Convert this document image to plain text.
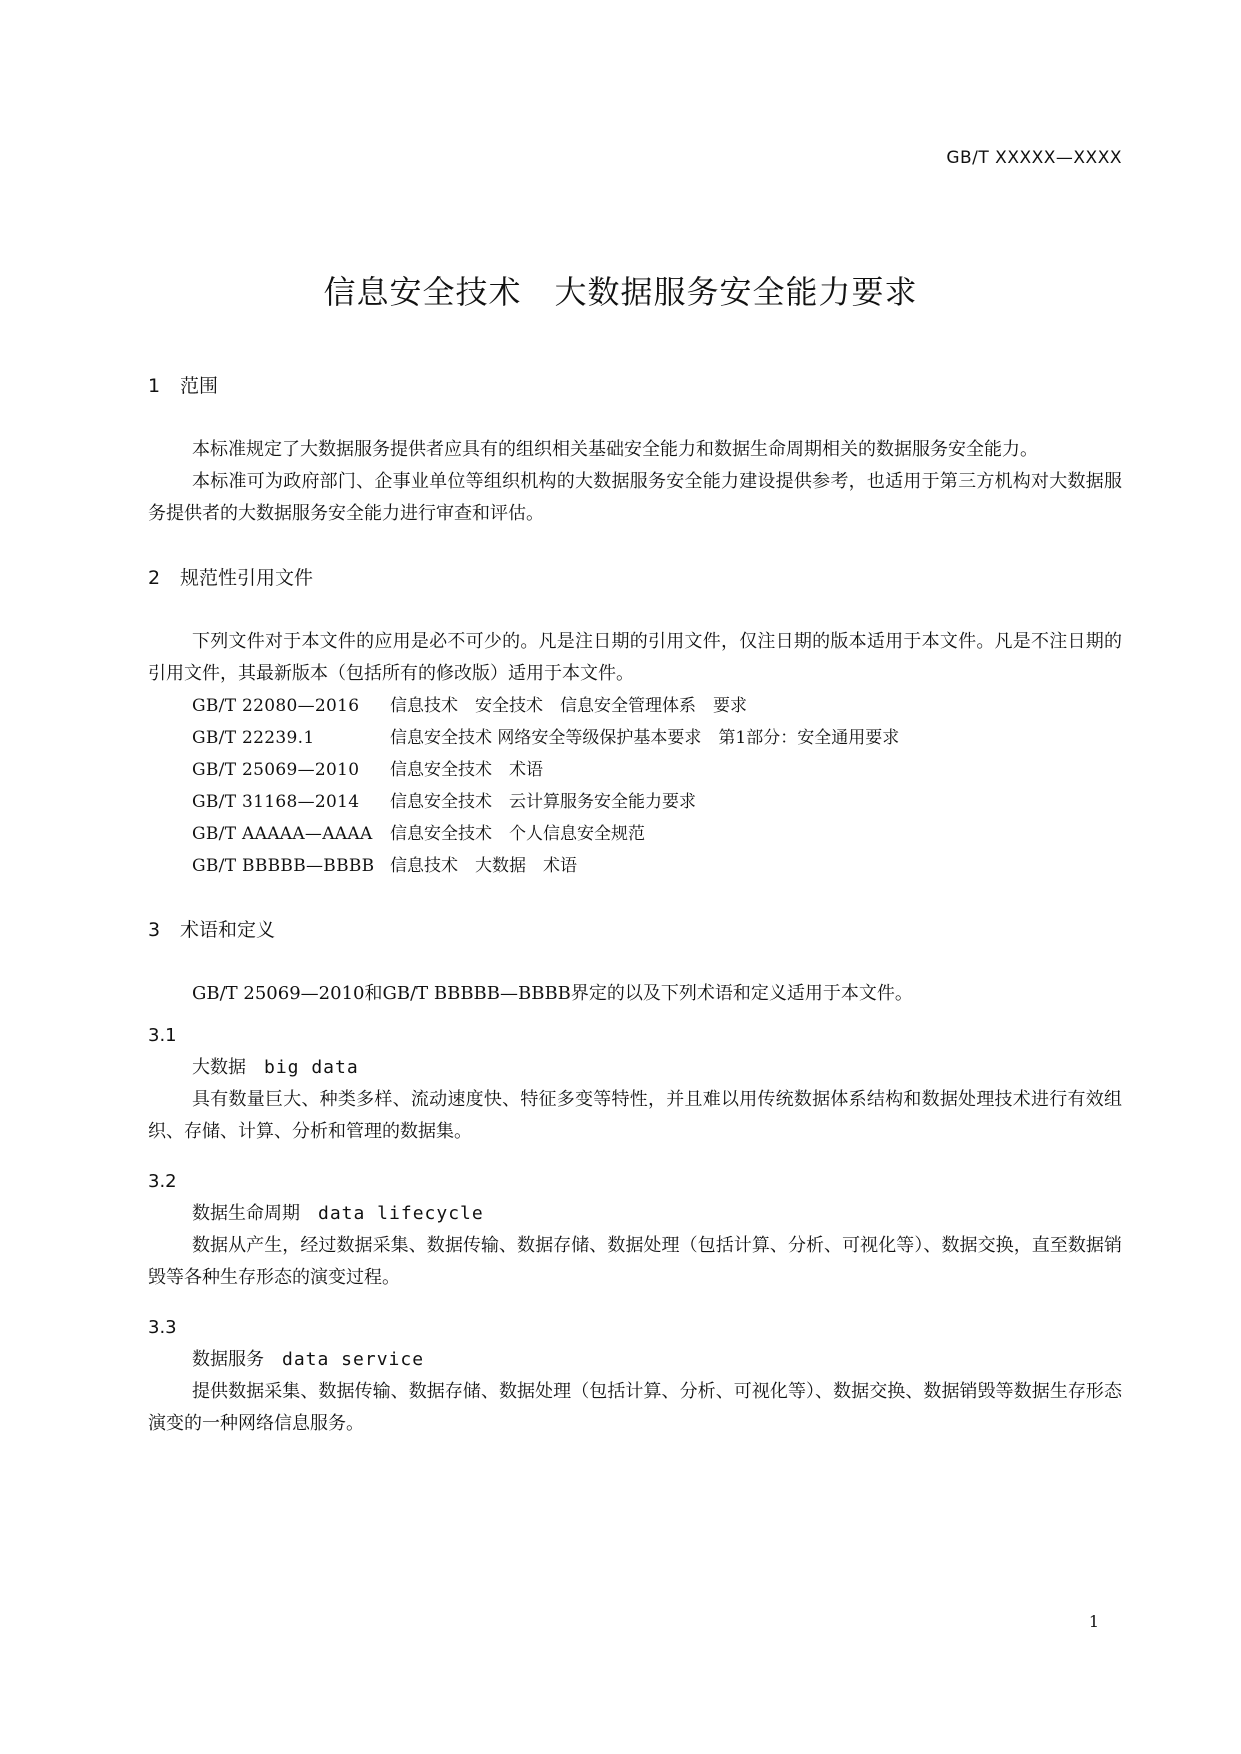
GB/T XXXXX—XXXX
信息安全技术　大数据服务安全能力要求

1 范围

本标准规定了大数据服务提供者应具有的组织相关基础安全能力和数据生命周期相关的数据服务安全能力。

本标准可为政府部门、企事业单位等组织机构的大数据服务安全能力建设提供参考，也适用于第三方机构对大数据服务提供者的大数据服务安全能力进行审查和评估。

2 规范性引用文件

下列文件对于本文件的应用是必不可少的。凡是注日期的引用文件，仅注日期的版本适用于本文件。凡是不注日期的引用文件，其最新版本（包括所有的修改版）适用于本文件。

GB/T 22080—2016	信息技术　安全技术　信息安全管理体系　要求
GB/T 22239.1	信息安全技术 网络安全等级保护基本要求　第1部分：安全通用要求
GB/T 25069—2010	信息安全技术　术语
GB/T 31168—2014	信息安全技术　云计算服务安全能力要求
GB/T AAAAA—AAAA	信息安全技术　个人信息安全规范
GB/T BBBBB—BBBB 信息技术　大数据　术语

3 术语和定义

GB/T 25069—2010和GB/T BBBBB—BBBB界定的以及下列术语和定义适用于本文件。

3.1

大数据　 big data

具有数量巨大、种类多样、流动速度快、特征多变等特性，并且难以用传统数据体系结构和数据处理技术进行有效组织、存储、计算、分析和管理的数据集。

3.2

数据生命周期　 data lifecycle

数据从产生，经过数据采集、数据传输、数据存储、数据处理（包括计算、分析、可视化等）、数据交换，直至数据销毁等各种生存形态的演变过程。

3.3

数据服务　 data service

提供数据采集、数据传输、数据存储、数据处理（包括计算、分析、可视化等）、数据交换、数据销毁等数据生存形态演变的一种网络信息服务。

1
